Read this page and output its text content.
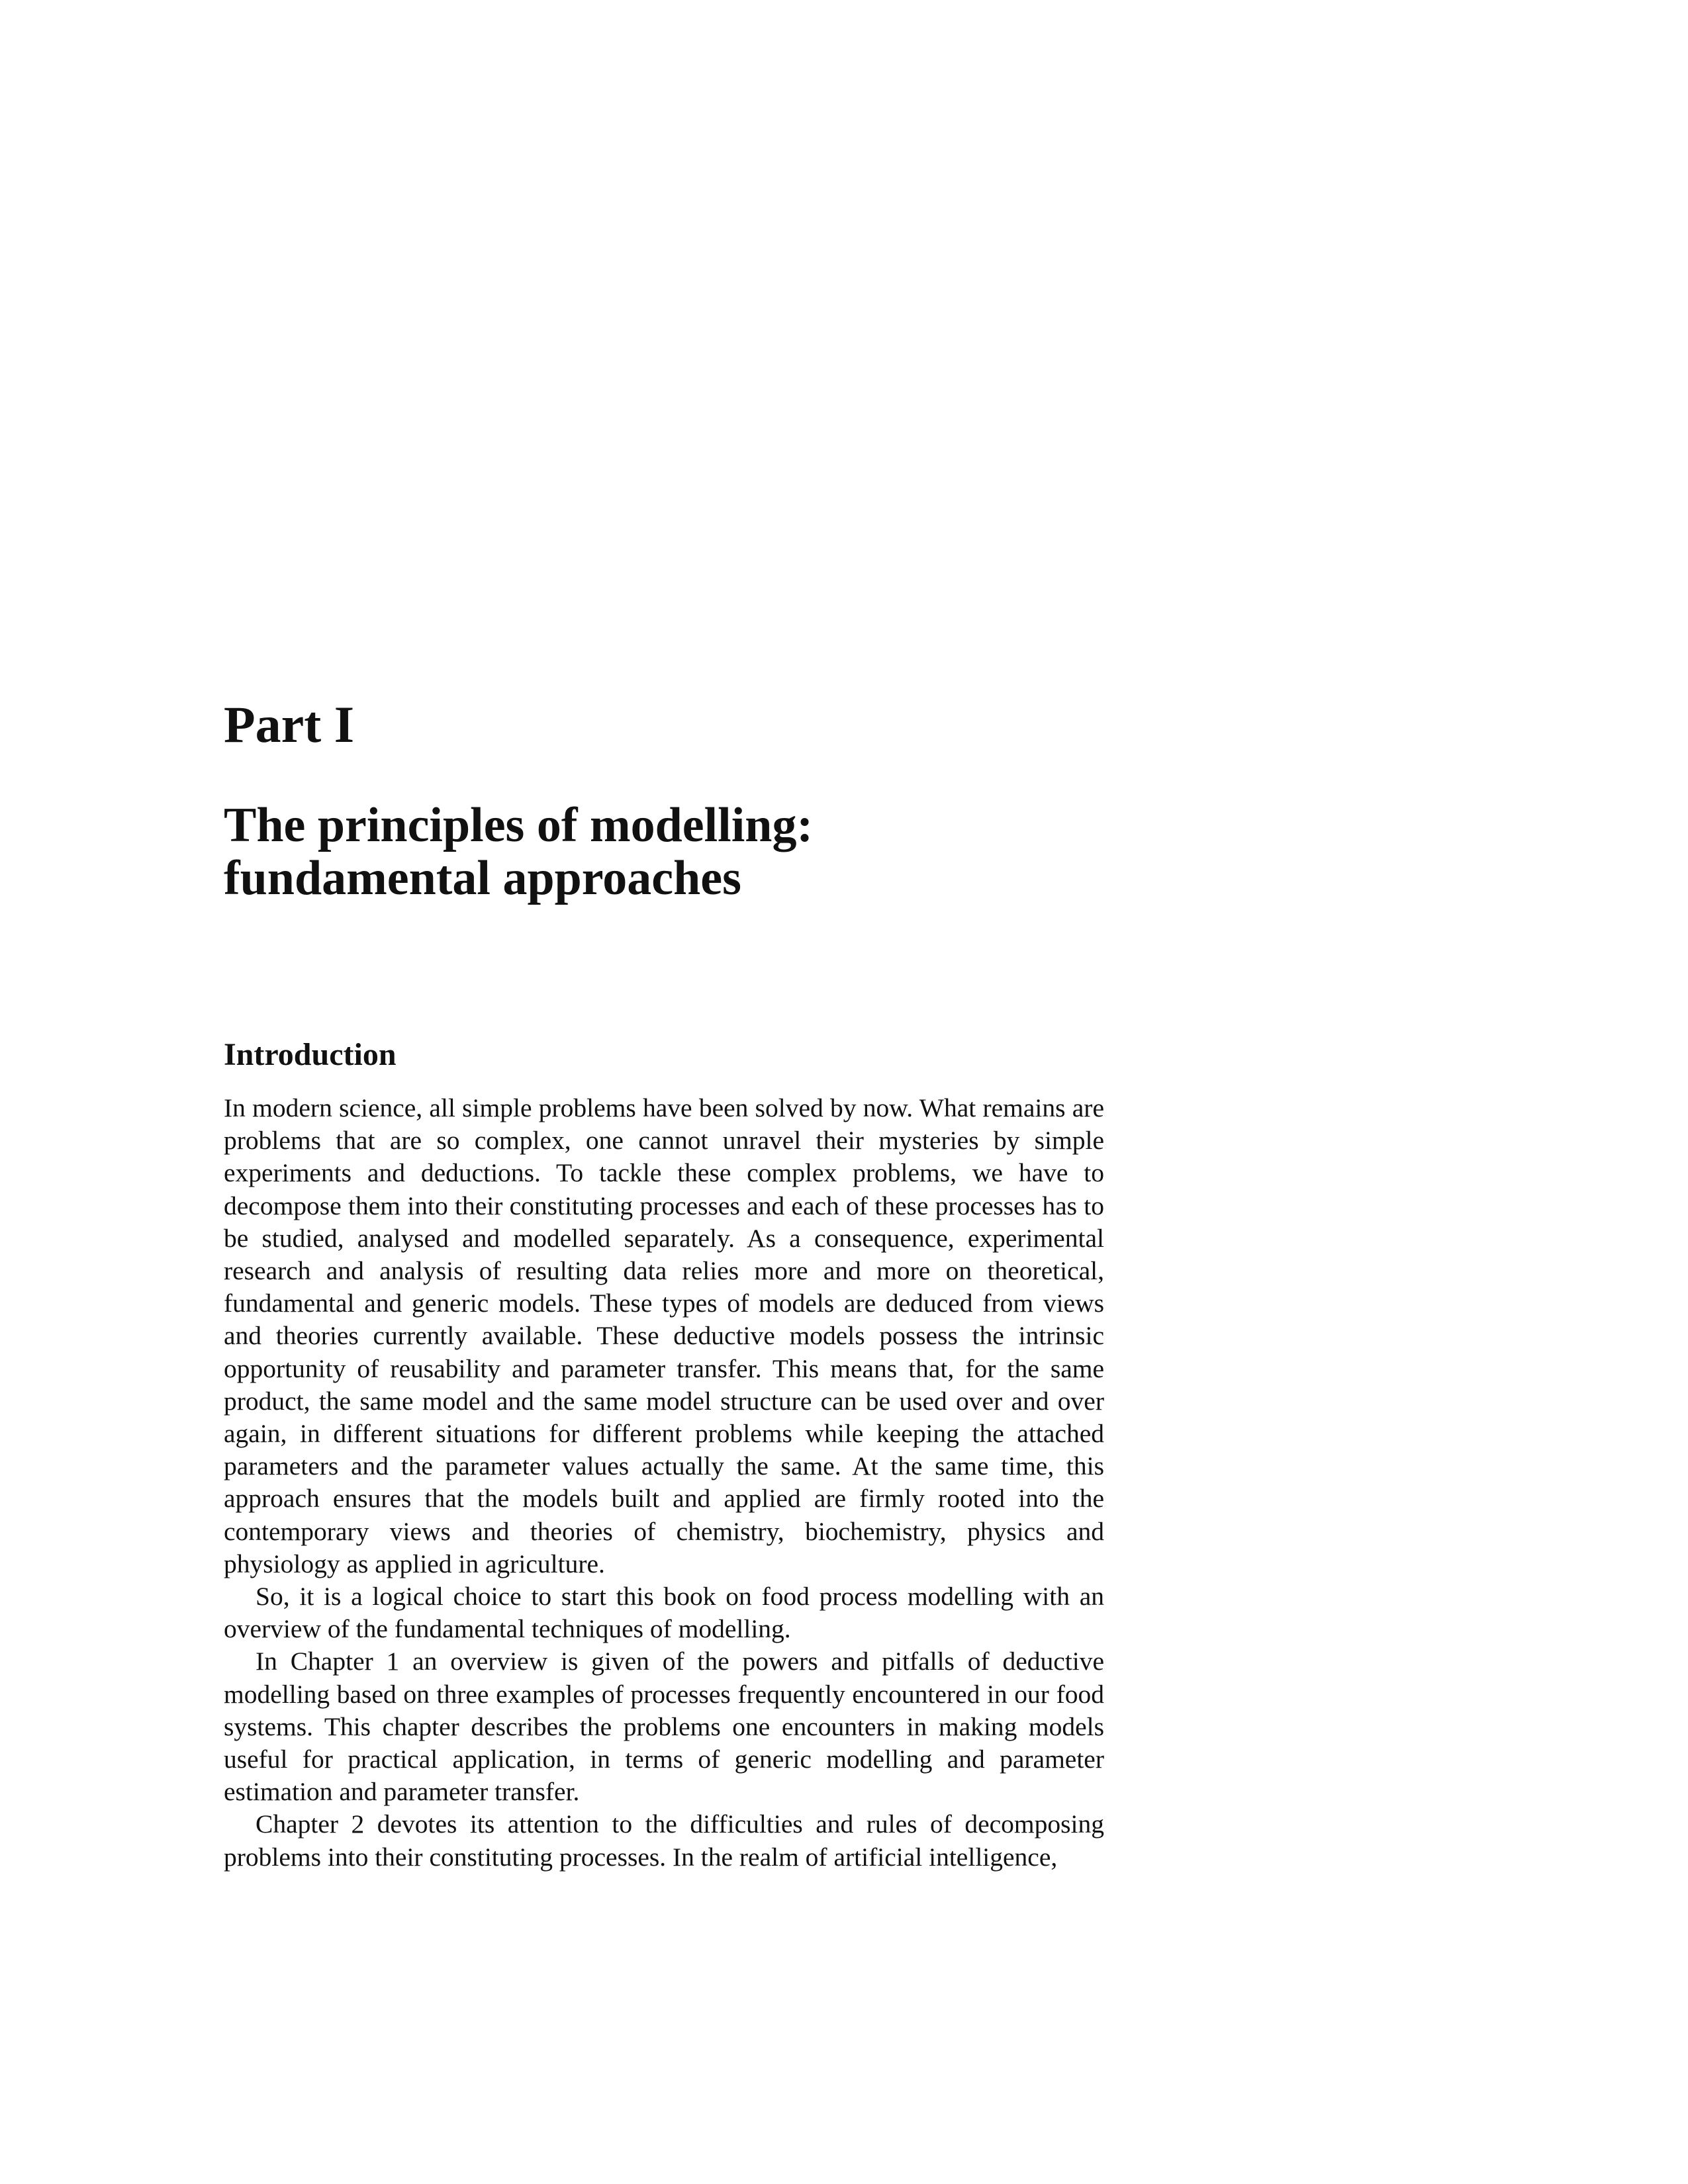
Part I
The principles of modelling:
fundamental approaches
Introduction

In modern science, all simple problems have been solved by now. What remains are problems that are so complex, one cannot unravel their mysteries by simple experiments and deductions. To tackle these complex problems, we have to decompose them into their constituting processes and each of these processes has to be studied, analysed and modelled separately. As a consequence, experimental research and analysis of resulting data relies more and more on theoretical, fundamental and generic models. These types of models are deduced from views and theories currently available. These deductive models possess the intrinsic opportunity of reusability and parameter transfer. This means that, for the same product, the same model and the same model structure can be used over and over again, in different situations for different problems while keeping the attached parameters and the parameter values actually the same. At the same time, this approach ensures that the models built and applied are firmly rooted into the contemporary views and theories of chemistry, biochemistry, physics and physiology as applied in agriculture.

So, it is a logical choice to start this book on food process modelling with an overview of the fundamental techniques of modelling.

In Chapter 1 an overview is given of the powers and pitfalls of deductive modelling based on three examples of processes frequently encountered in our food systems. This chapter describes the problems one encounters in making models useful for practical application, in terms of generic modelling and parameter estimation and parameter transfer.

Chapter 2 devotes its attention to the difficulties and rules of decomposing problems into their constituting processes. In the realm of artificial intelligence,
